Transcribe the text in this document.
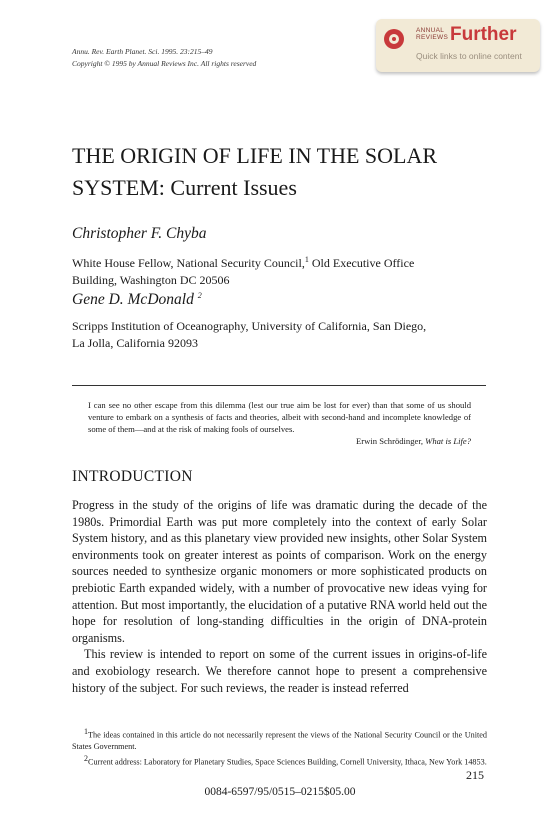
ANNUAL
REVIEWS Further
Quick links to online content
Annu. Rev. Earth Planet. Sci. 1995. 23:215–49
Copyright © 1995 by Annual Reviews Inc. All rights reserved
THE ORIGIN OF LIFE IN THE SOLAR
SYSTEM: Current Issues
Christopher F. Chyba
White House Fellow, National Security Council,$^1$ Old Executive Office
Building, Washington DC 20506
Gene D. McDonald $^2$
Scripps Institution of Oceanography, University of California, San Diego,
La Jolla, California 92093
I can see no other escape from this dilemma (lest our true aim be lost for ever) than that some of us should venture to embark on a synthesis of facts and theories, albeit with second-hand and incomplete knowledge of some of them—and at the risk of making fools of ourselves.
Erwin Schrödinger, What is Life?
INTRODUCTION

Progress in the study of the origins of life was dramatic during the decade of the 1980s. Primordial Earth was put more completely into the context of early Solar System history, and as this planetary view provided new insights, other Solar System environments took on greater interest as points of comparison. Work on the energy sources needed to synthesize organic monomers or more sophisticated products on prebiotic Earth expanded widely, with a number of provocative new ideas vying for attention. But most importantly, the elucidation of a putative RNA world held out the hope for resolution of long-standing difficulties in the origin of DNA-protein organisms.

This review is intended to report on some of the current issues in origins-of-life and exobiology research. We therefore cannot hope to present a comprehensive history of the subject. For such reviews, the reader is instead referred

$^1$The ideas contained in this article do not necessarily represent the views of the National Security Council or the United States Government.

$^2$Current address: Laboratory for Planetary Studies, Space Sciences Building, Cornell University, Ithaca, New York 14853.

215
0084-6597/95/0515–0215$05.00
